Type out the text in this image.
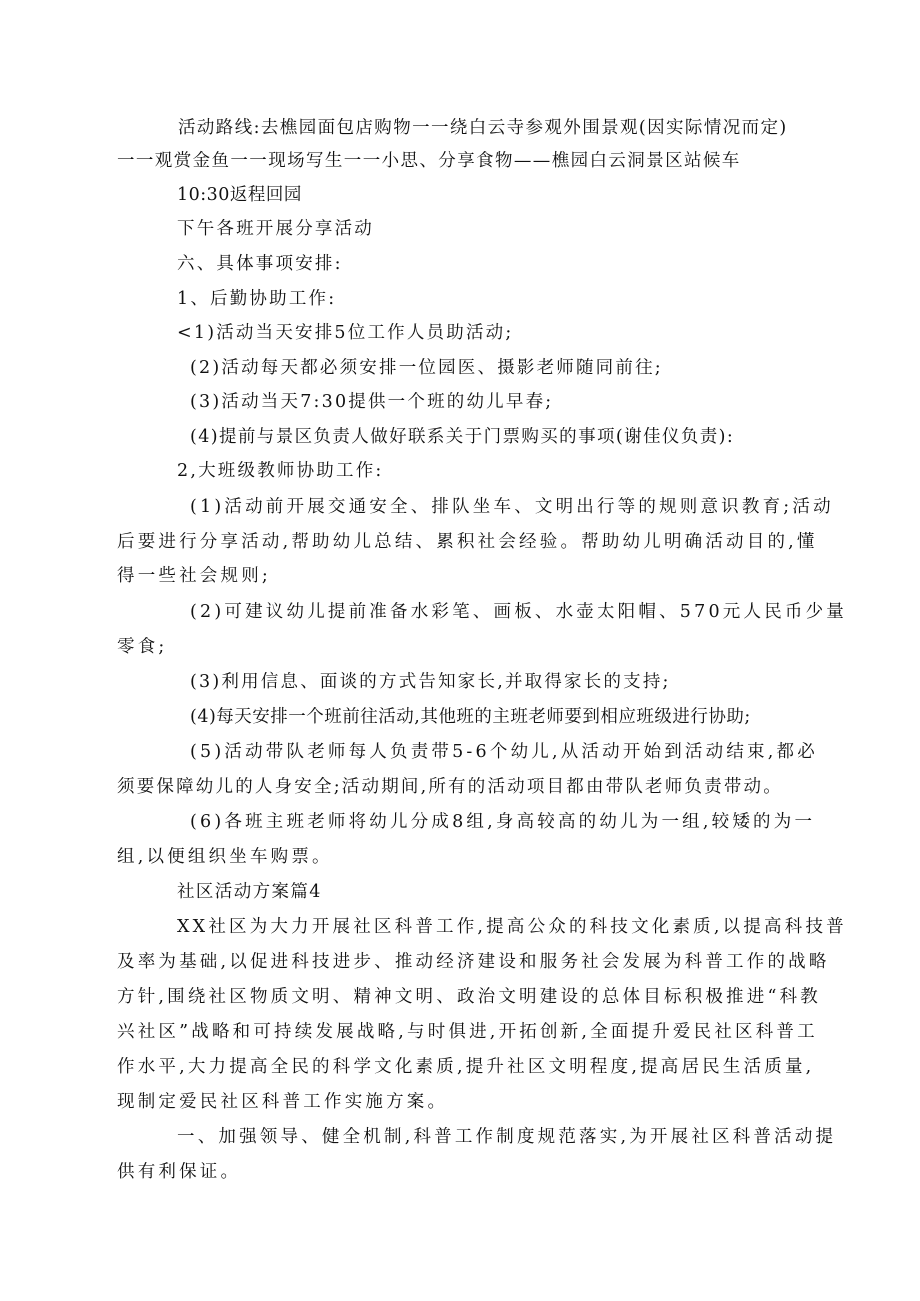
活动路线:去樵园面包店购物一一绕白云寺参观外围景观(因实际情况而定)
一一观赏金鱼一一现场写生一一小思、分享食物——樵园白云洞景区站候车
10:30返程回园
下午各班开展分享活动
六、具体事项安排:
1、后勤协助工作:
<1)活动当天安排5位工作人员助活动;
(2)活动每天都必须安排一位园医、摄影老师随同前往;
(3)活动当天7:30提供一个班的幼儿早春;
(4)提前与景区负责人做好联系关于门票购买的事项(谢佳仪负责):
2,大班级教师协助工作:
(1)活动前开展交通安全、排队坐车、文明出行等的规则意识教育;活动
后要进行分享活动,帮助幼儿总结、累积社会经验。帮助幼儿明确活动目的,懂
得一些社会规则;
(2)可建议幼儿提前准备水彩笔、画板、水壶太阳帽、570元人民币少量
零食;
(3)利用信息、面谈的方式告知家长,并取得家长的支持;
(4)每天安排一个班前往活动,其他班的主班老师要到相应班级进行协助;
(5)活动带队老师每人负责带5-6个幼儿,从活动开始到活动结束,都必
须要保障幼儿的人身安全;活动期间,所有的活动项目都由带队老师负责带动。
(6)各班主班老师将幼儿分成8组,身高较高的幼儿为一组,较矮的为一
组,以便组织坐车购票。
社区活动方案篇4
XX社区为大力开展社区科普工作,提高公众的科技文化素质,以提高科技普
及率为基础,以促进科技进步、推动经济建设和服务社会发展为科普工作的战略
方针,围绕社区物质文明、精神文明、政治文明建设的总体目标积极推进“科教
兴社区”战略和可持续发展战略,与时俱进,开拓创新,全面提升爱民社区科普工
作水平,大力提高全民的科学文化素质,提升社区文明程度,提高居民生活质量,
现制定爱民社区科普工作实施方案。
一、加强领导、健全机制,科普工作制度规范落实,为开展社区科普活动提
供有利保证。
